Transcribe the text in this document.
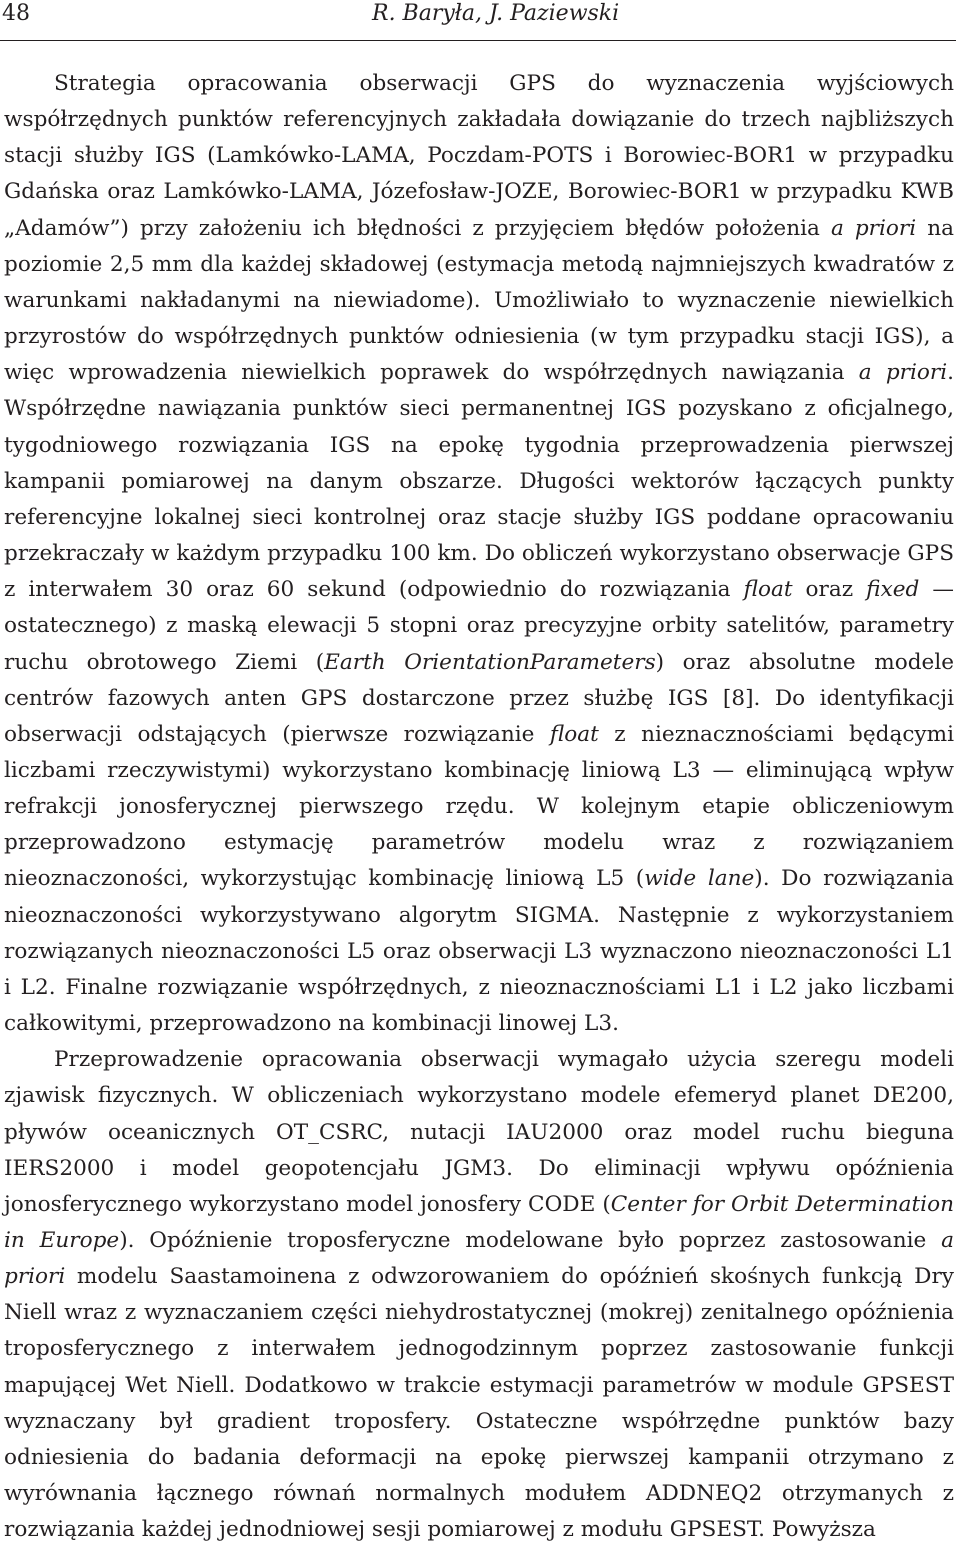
48	R. Baryła, J. Paziewski

Strategia opracowania obserwacji GPS do wyznaczenia wyjściowych współrzędnych punktów referencyjnych zakładała dowiązanie do trzech najbliższych stacji służby IGS (Lamkówko-LAMA, Poczdam-POTS i Borowiec-BOR1 w przypadku Gdańska oraz Lamkówko-LAMA, Józefosław-JOZE, Borowiec-BOR1 w przypadku KWB „Adamów”) przy założeniu ich błędności z przyjęciem błędów położenia a priori na poziomie 2,5 mm dla każdej składowej (estymacja metodą najmniejszych kwadratów z warunkami nakładanymi na niewiadome). Umożliwiało to wyznaczenie niewielkich przyrostów do współrzędnych punktów odniesienia (w tym przypadku stacji IGS), a więc wprowadzenia niewielkich poprawek do współrzędnych nawiązania a priori. Współrzędne nawiązania punktów sieci permanentnej IGS pozyskano z oficjalnego, tygodniowego rozwiązania IGS na epokę tygodnia przeprowadzenia pierwszej kampanii pomiarowej na danym obszarze. Długości wektorów łączących punkty referencyjne lokalnej sieci kontrolnej oraz stacje służby IGS poddane opracowaniu przekraczały w każdym przypadku 100 km. Do obliczeń wykorzystano obserwacje GPS z interwałem 30 oraz 60 sekund (odpowiednio do rozwiązania float oraz fixed — ostatecznego) z maską elewacji 5 stopni oraz precyzyjne orbity satelitów, parametry ruchu obrotowego Ziemi (Earth OrientationParameters) oraz absolutne modele centrów fazowych anten GPS dostarczone przez służbę IGS [8]. Do identyfikacji obserwacji odstających (pierwsze rozwiązanie float z nieznacznościami będącymi liczbami rzeczywistymi) wykorzystano kombinację liniową L3 — eliminującą wpływ refrakcji jonosferycznej pierwszego rzędu. W kolejnym etapie obliczeniowym przeprowadzono estymację parametrów modelu wraz z rozwiązaniem nieoznaczoności, wykorzystując kombinację liniową L5 (wide lane). Do rozwiązania nieoznaczoności wykorzystywano algorytm SIGMA. Następnie z wykorzystaniem rozwiązanych nieoznaczoności L5 oraz obserwacji L3 wyznaczono nieoznaczoności L1 i L2. Finalne rozwiązanie współrzędnych, z nieoznacznościami L1 i L2 jako liczbami całkowitymi, przeprowadzono na kombinacji linowej L3.

Przeprowadzenie opracowania obserwacji wymagało użycia szeregu modeli zjawisk fizycznych. W obliczeniach wykorzystano modele efemeryd planet DE200, pływów oceanicznych OT_CSRC, nutacji IAU2000 oraz model ruchu bieguna IERS2000 i model geopotencjału JGM3. Do eliminacji wpływu opóźnienia jonosferycznego wykorzystano model jonosfery CODE (Center for Orbit Determination in Europe). Opóźnienie troposferyczne modelowane było poprzez zastosowanie a priori modelu Saastamoinena z odwzorowaniem do opóźnień skośnych funkcją Dry Niell wraz z wyznaczaniem części niehydrostatycznej (mokrej) zenitalnego opóźnienia troposferycznego z interwałem jednogodzinnym poprzez zastosowanie funkcji mapującej Wet Niell. Dodatkowo w trakcie estymacji parametrów w module GPSEST wyznaczany był gradient troposfery. Ostateczne współrzędne punktów bazy odniesienia do badania deformacji na epokę pierwszej kampanii otrzymano z wyrównania łącznego równań normalnych modułem ADDNEQ2 otrzymanych z rozwiązania każdej jednodniowej sesji pomiarowej z modułu GPSEST. Powyższa
